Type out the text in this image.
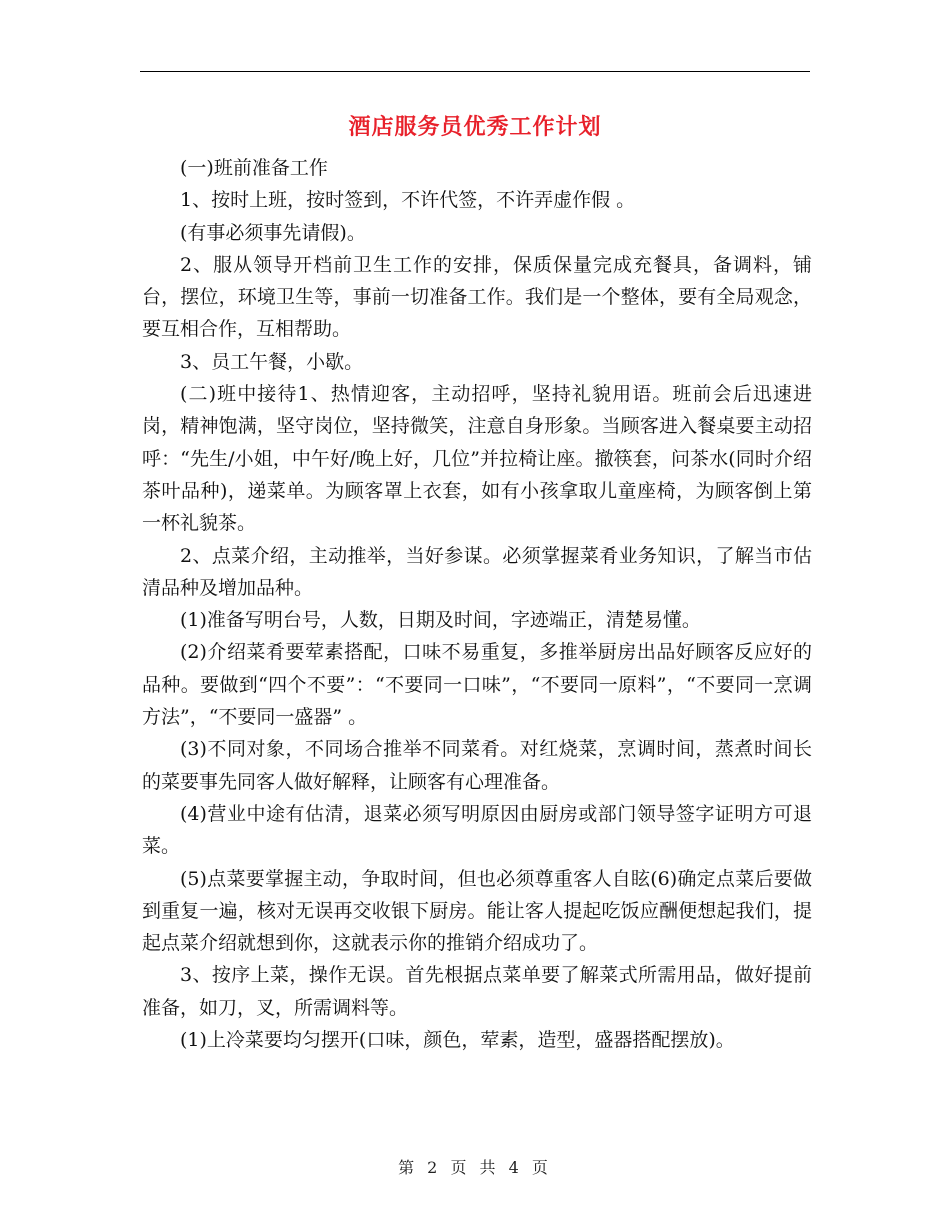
酒店服务员优秀工作计划

(一)班前准备工作

1、按时上班，按时签到，不许代签，不许弄虚作假 。

(有事必须事先请假)。

2、服从领导开档前卫生工作的安排，保质保量完成充餐具，备调料，铺台，摆位，环境卫生等，事前一切准备工作。我们是一个整体，要有全局观念，要互相合作，互相帮助。

3、员工午餐，小歇。

(二)班中接待1、热情迎客，主动招呼，坚持礼貌用语。班前会后迅速进岗，精神饱满，坚守岗位，坚持微笑，注意自身形象。当顾客进入餐桌要主动招呼：“先生/小姐，中午好/晚上好，几位”并拉椅让座。撤筷套，问茶水(同时介绍茶叶品种)，递菜单。为顾客罩上衣套，如有小孩拿取儿童座椅，为顾客倒上第一杯礼貌茶。

2、点菜介绍，主动推举，当好参谋。必须掌握菜肴业务知识，了解当市估清品种及增加品种。

(1)准备写明台号，人数，日期及时间，字迹端正，清楚易懂。

(2)介绍菜肴要荤素搭配，口味不易重复，多推举厨房出品好顾客反应好的品种。要做到“四个不要”：“不要同一口味”，“不要同一原料”，“不要同一烹调方法”，“不要同一盛器” 。

(3)不同对象，不同场合推举不同菜肴。对红烧菜，烹调时间，蒸煮时间长的菜要事先同客人做好解释，让顾客有心理准备。

(4)营业中途有估清，退菜必须写明原因由厨房或部门领导签字证明方可退菜。

(5)点菜要掌握主动，争取时间，但也必须尊重客人自眩(6)确定点菜后要做到重复一遍，核对无误再交收银下厨房。能让客人提起吃饭应酬便想起我们，提起点菜介绍就想到你，这就表示你的推销介绍成功了。

3、按序上菜，操作无误。首先根据点菜单要了解菜式所需用品，做好提前准备，如刀，叉，所需调料等。

(1)上冷菜要均匀摆开(口味，颜色，荤素，造型，盛器搭配摆放)。

第 2 页 共 4 页
